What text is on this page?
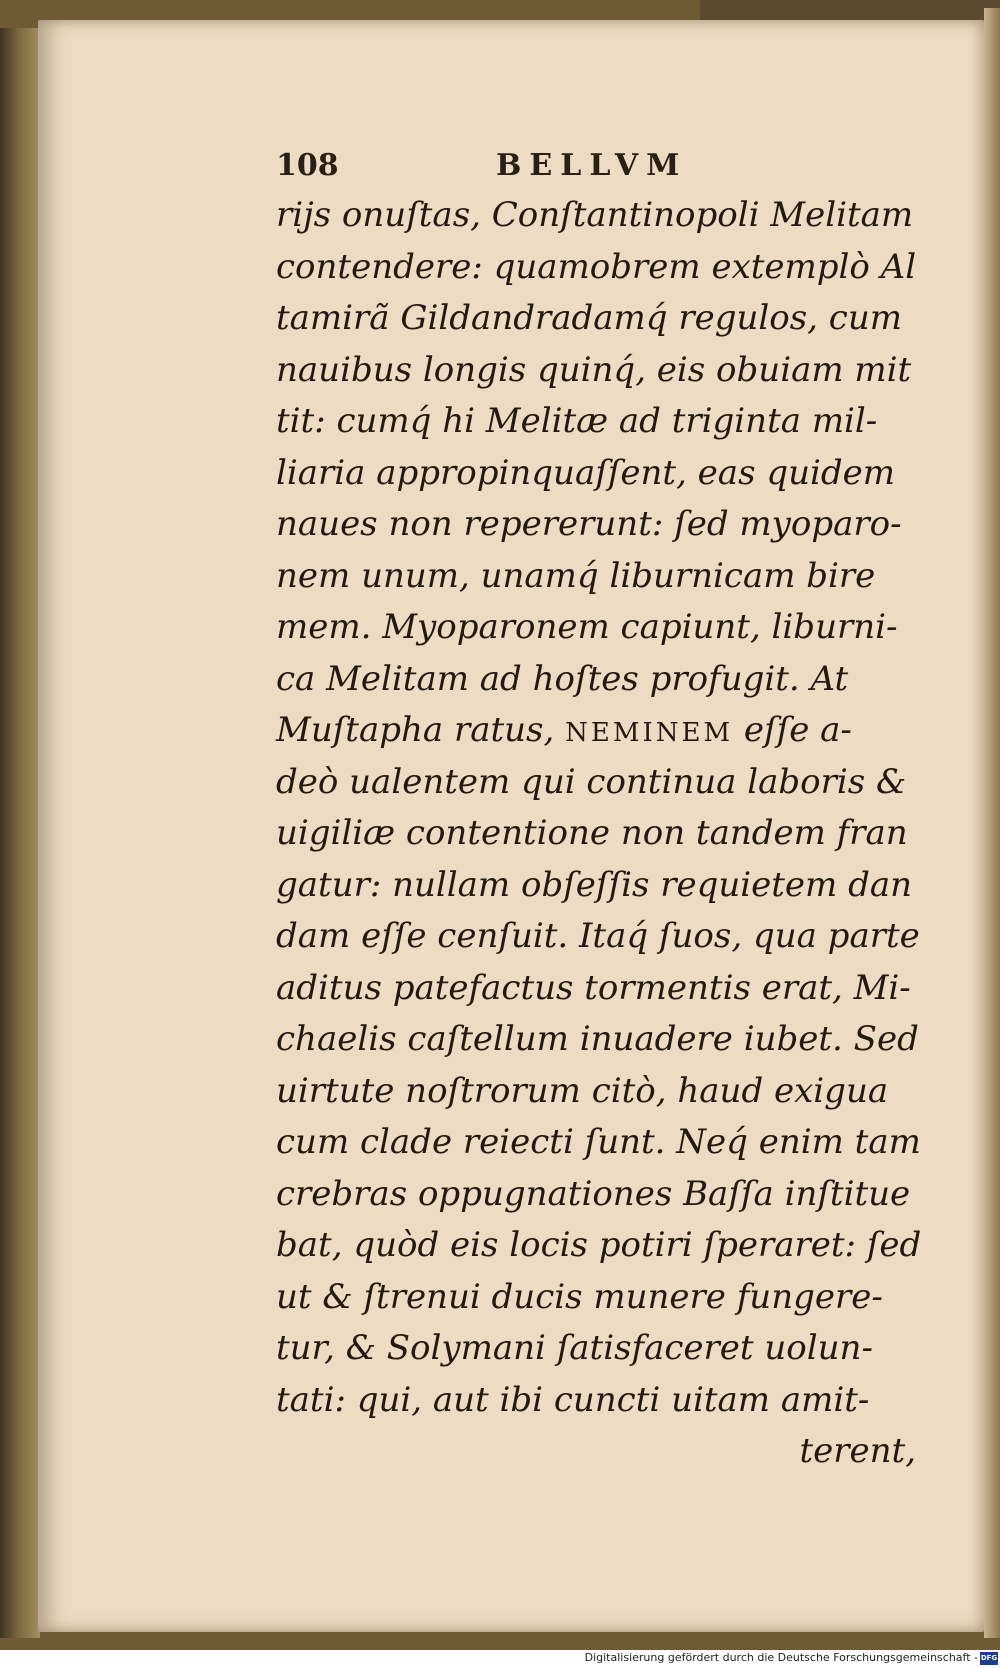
108	BELLVM
rijs onuſtas, Conſtantinopoli Melitam
contendere: quamobrem extemplò Al
tamirã Gildandradamq́ regulos, cum
nauibus longis quinq́, eis obuiam mit
tit: cumq́ hi Melitæ ad triginta mil-
liaria appropinquaſſent, eas quidem
naues non repererunt: ſed myoparo-
nem unum, unamq́ liburnicam bire
mem. Myoparonem capiunt, liburni-
ca Melitam ad hoſtes profugit. At
Muſtapha ratus, NEMINEM eſſe a-
deò ualentem qui continua laboris &
uigiliæ contentione non tandem fran
gatur: nullam obſeſſis requietem dan
dam eſſe cenſuit. Itaq́ ſuos, qua parte
aditus patefactus tormentis erat, Mi-
chaelis caſtellum inuadere iubet. Sed
uirtute noſtrorum citò, haud exigua
cum clade reiecti ſunt. Neq́ enim tam
crebras oppugnationes Baſſa inſtitue
bat, quòd eis locis potiri ſperaret: ſed
ut & ſtrenui ducis munere fungere-
tur, & Solymani ſatisfaceret uolun-
tati: qui, aut ibi cuncti uitam amit-
terent,
Digitalisierung gefördert durch die Deutsche Forschungsgemeinschaft - DFG
